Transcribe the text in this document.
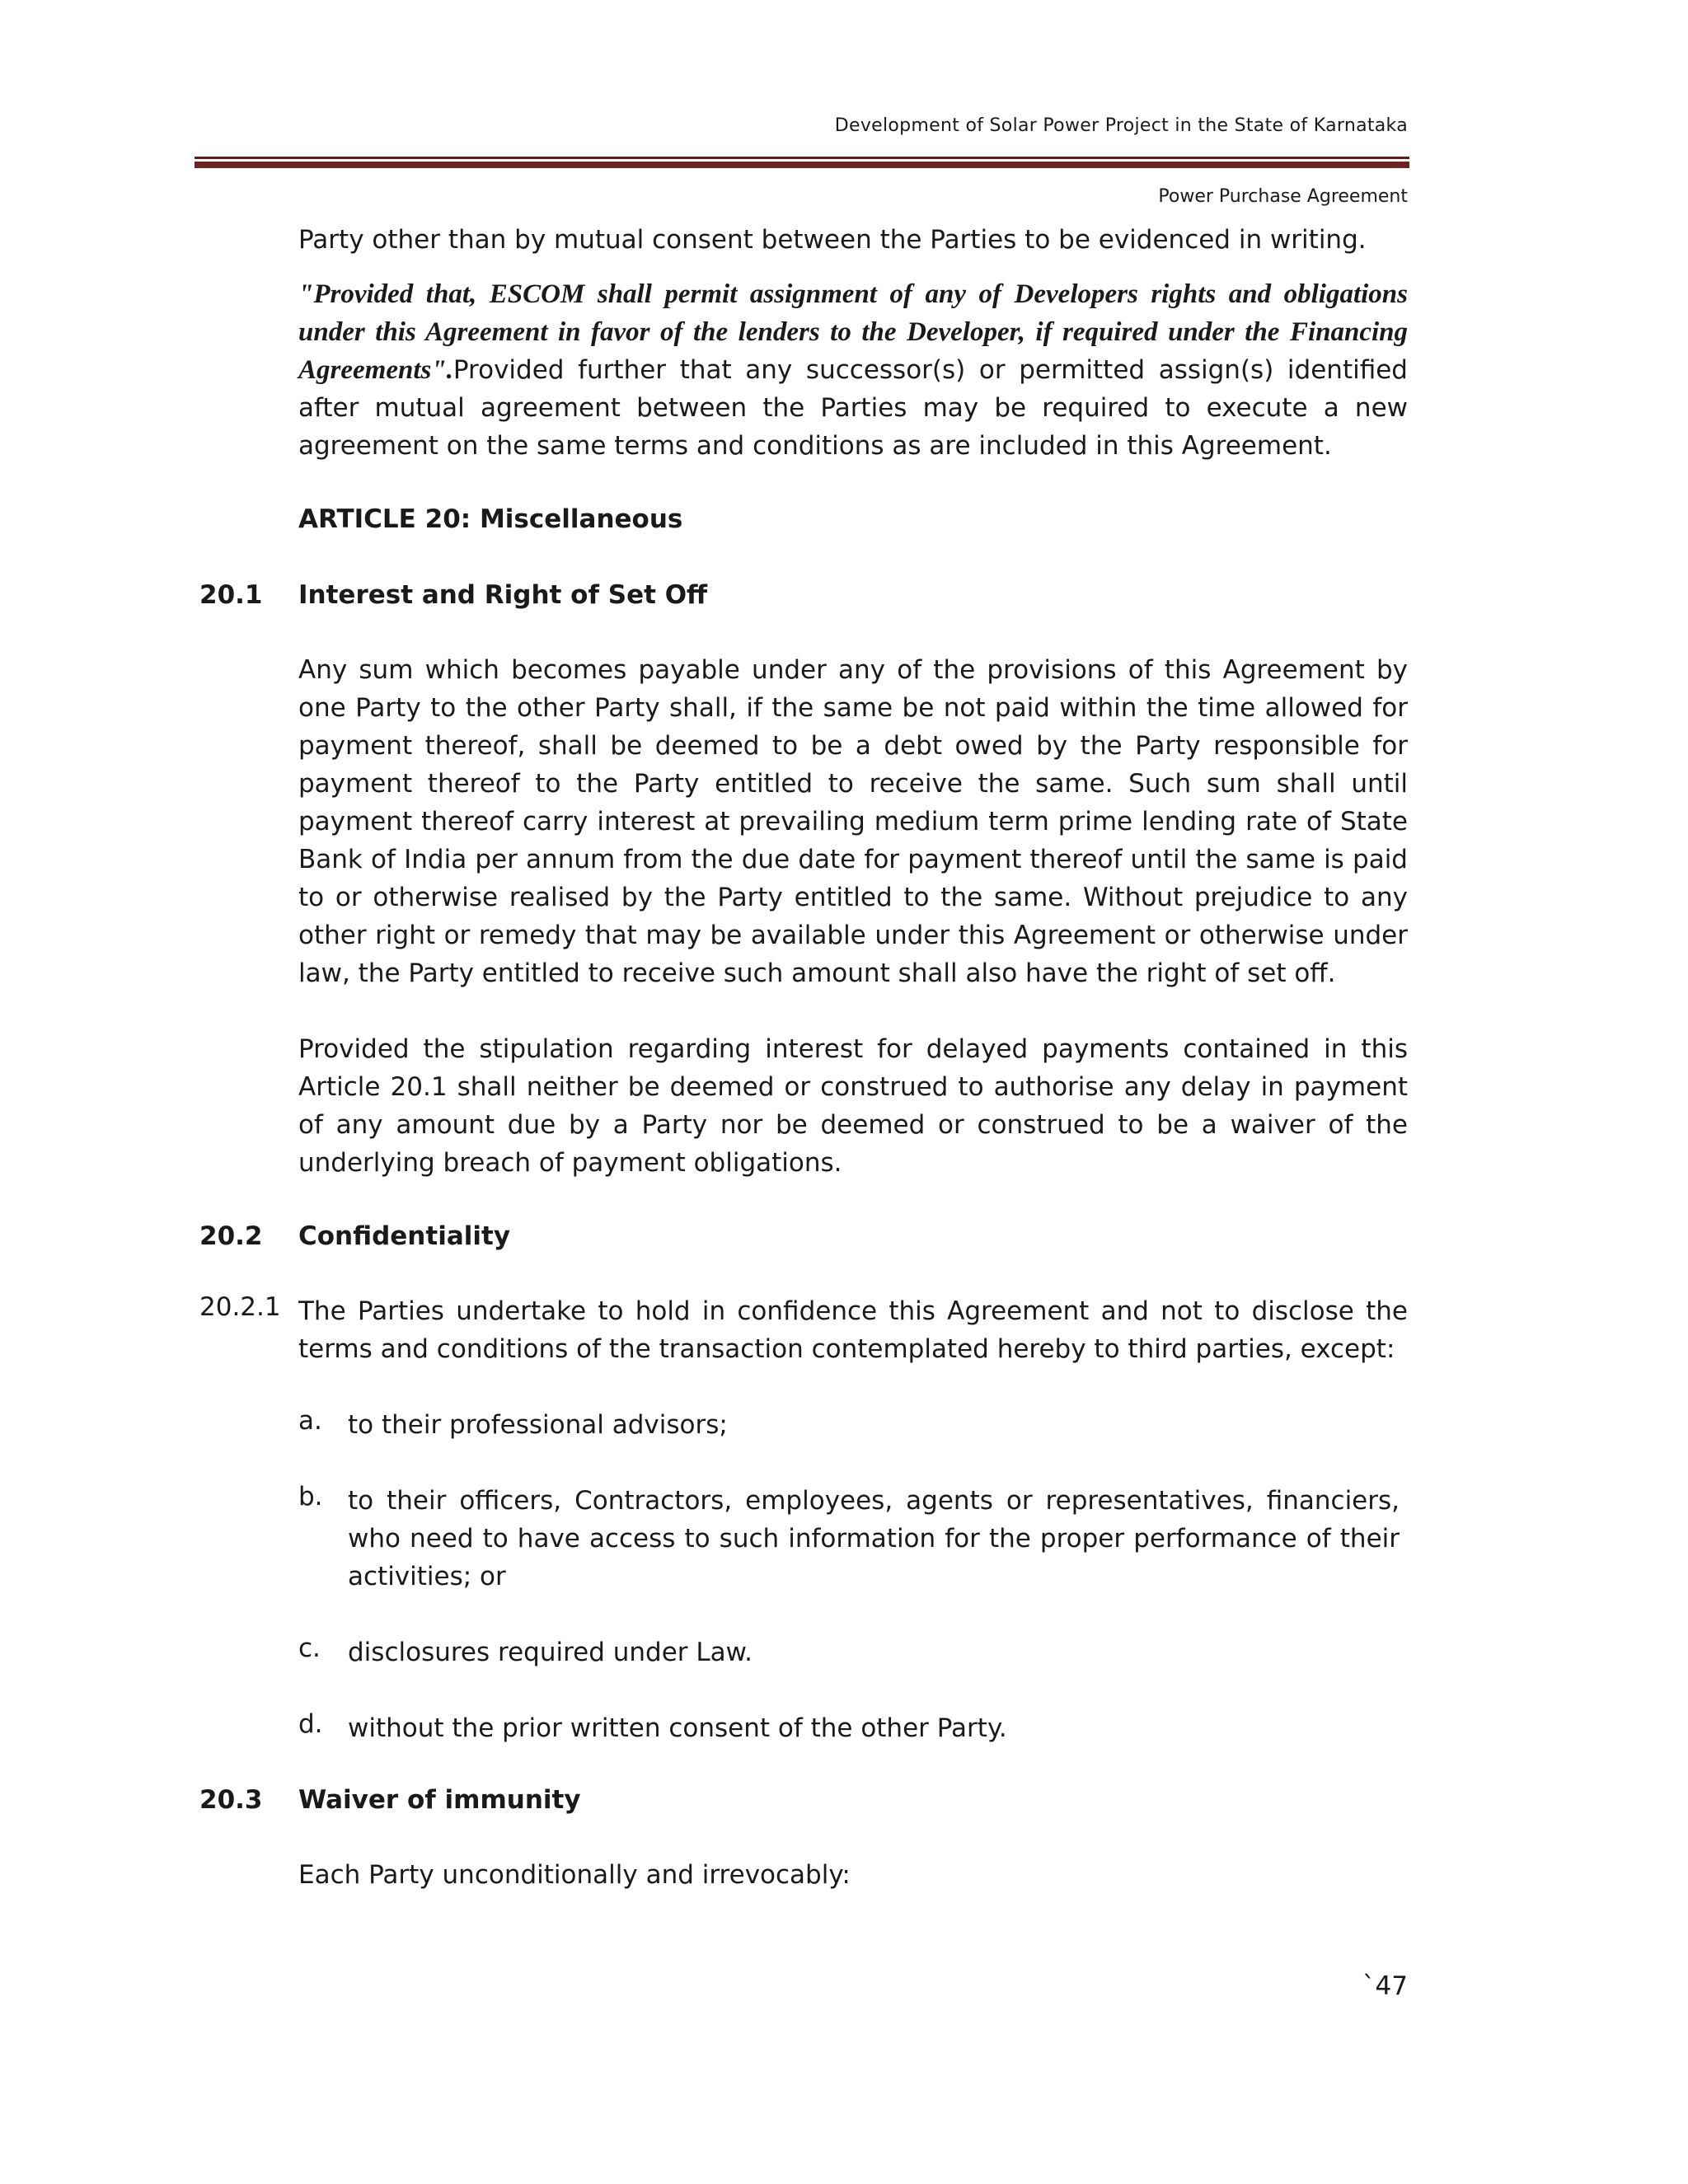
Development of Solar Power Project in the State of Karnataka
Power Purchase Agreement
Party other than by mutual consent between the Parties to be evidenced in writing.
"Provided that, ESCOM shall permit assignment of any of Developers rights and obligations under this Agreement in favor of the lenders to the Developer, if required under the Financing Agreements".Provided further that any successor(s) or permitted assign(s) identified after mutual agreement between the Parties may be required to execute a new agreement on the same terms and conditions as are included in this Agreement.
ARTICLE 20: Miscellaneous
20.1 Interest and Right of Set Off
Any sum which becomes payable under any of the provisions of this Agreement by one Party to the other Party shall, if the same be not paid within the time allowed for payment thereof, shall be deemed to be a debt owed by the Party responsible for payment thereof to the Party entitled to receive the same. Such sum shall until payment thereof carry interest at prevailing medium term prime lending rate of State Bank of India per annum from the due date for payment thereof until the same is paid to or otherwise realised by the Party entitled to the same. Without prejudice to any other right or remedy that may be available under this Agreement or otherwise under law, the Party entitled to receive such amount shall also have the right of set off.
Provided the stipulation regarding interest for delayed payments contained in this Article 20.1 shall neither be deemed or construed to authorise any delay in payment of any amount due by a Party nor be deemed or construed to be a waiver of the underlying breach of payment obligations.
20.2 Confidentiality
20.2.1 The Parties undertake to hold in confidence this Agreement and not to disclose the terms and conditions of the transaction contemplated hereby to third parties, except:
a. to their professional advisors;
b. to their officers, Contractors, employees, agents or representatives, financiers, who need to have access to such information for the proper performance of their activities; or
c. disclosures required under Law.
d. without the prior written consent of the other Party.
20.3 Waiver of immunity
Each Party unconditionally and irrevocably:
`47
